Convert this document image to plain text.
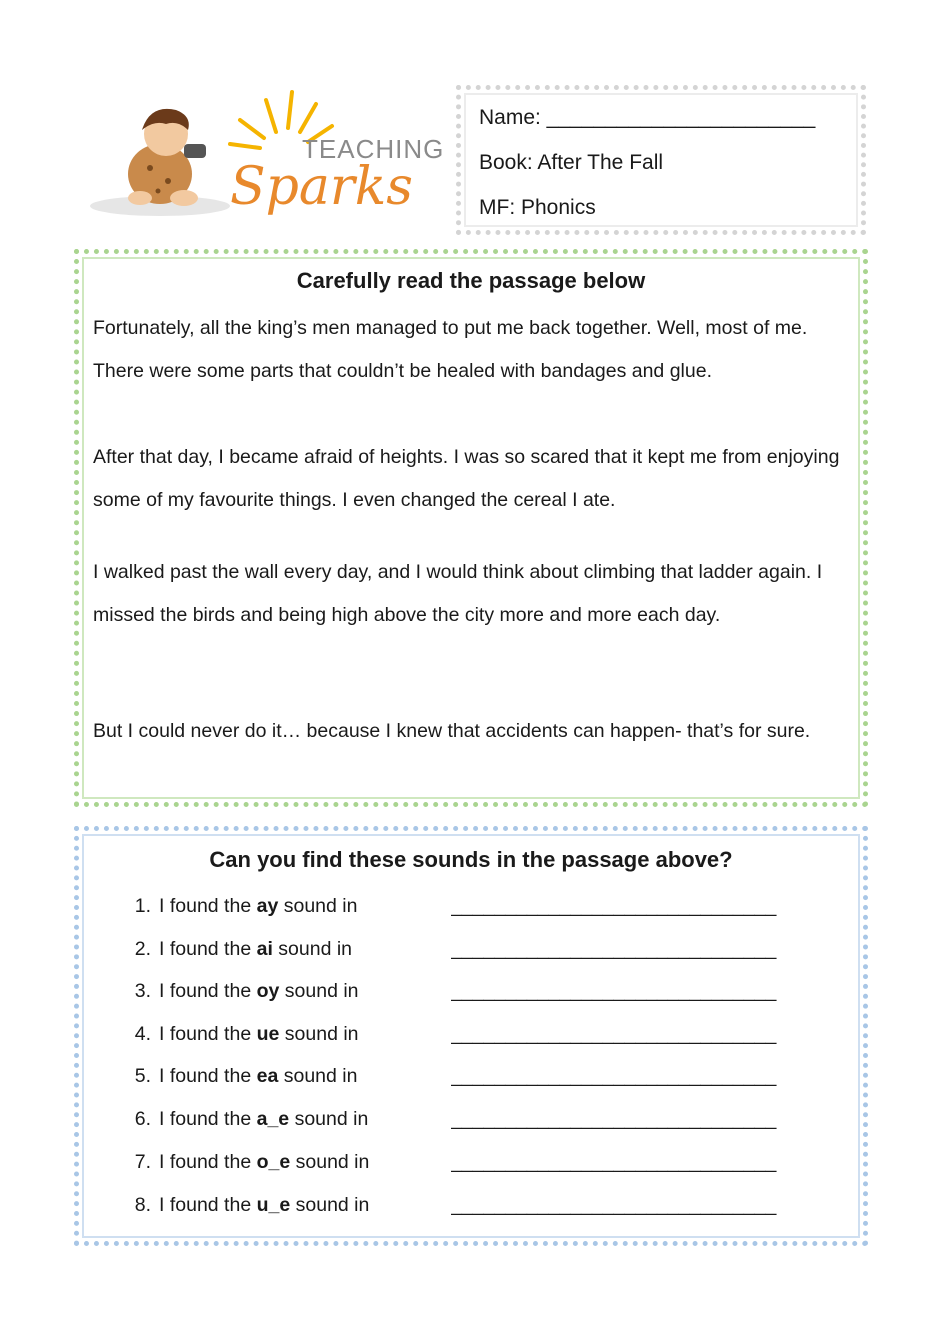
TEACHING
Sparks
Name: _______________________
Book: After The Fall
MF: Phonics
Carefully read the passage below
Fortunately, all the king’s men managed to put me back together. Well, most of me. There were some parts that couldn’t be healed with bandages and glue.
After that day, I became afraid of heights. I was so scared that it kept me from enjoying some of my favourite things. I even changed the cereal I ate.
I walked past the wall every day, and I would think about climbing that ladder again. I missed the birds and being high above the city more and more each day.
But I could never do it… because I knew that accidents can happen- that’s for sure.
Can you find these sounds in the passage above?
1. I found the ay sound in	______________________________
2. I found the ai sound in	______________________________
3. I found the oy sound in	______________________________
4. I found the ue sound in	______________________________
5. I found the ea sound in	______________________________
6. I found the a_e sound in	______________________________
7. I found the o_e sound in	______________________________
8. I found the u_e sound in	______________________________
